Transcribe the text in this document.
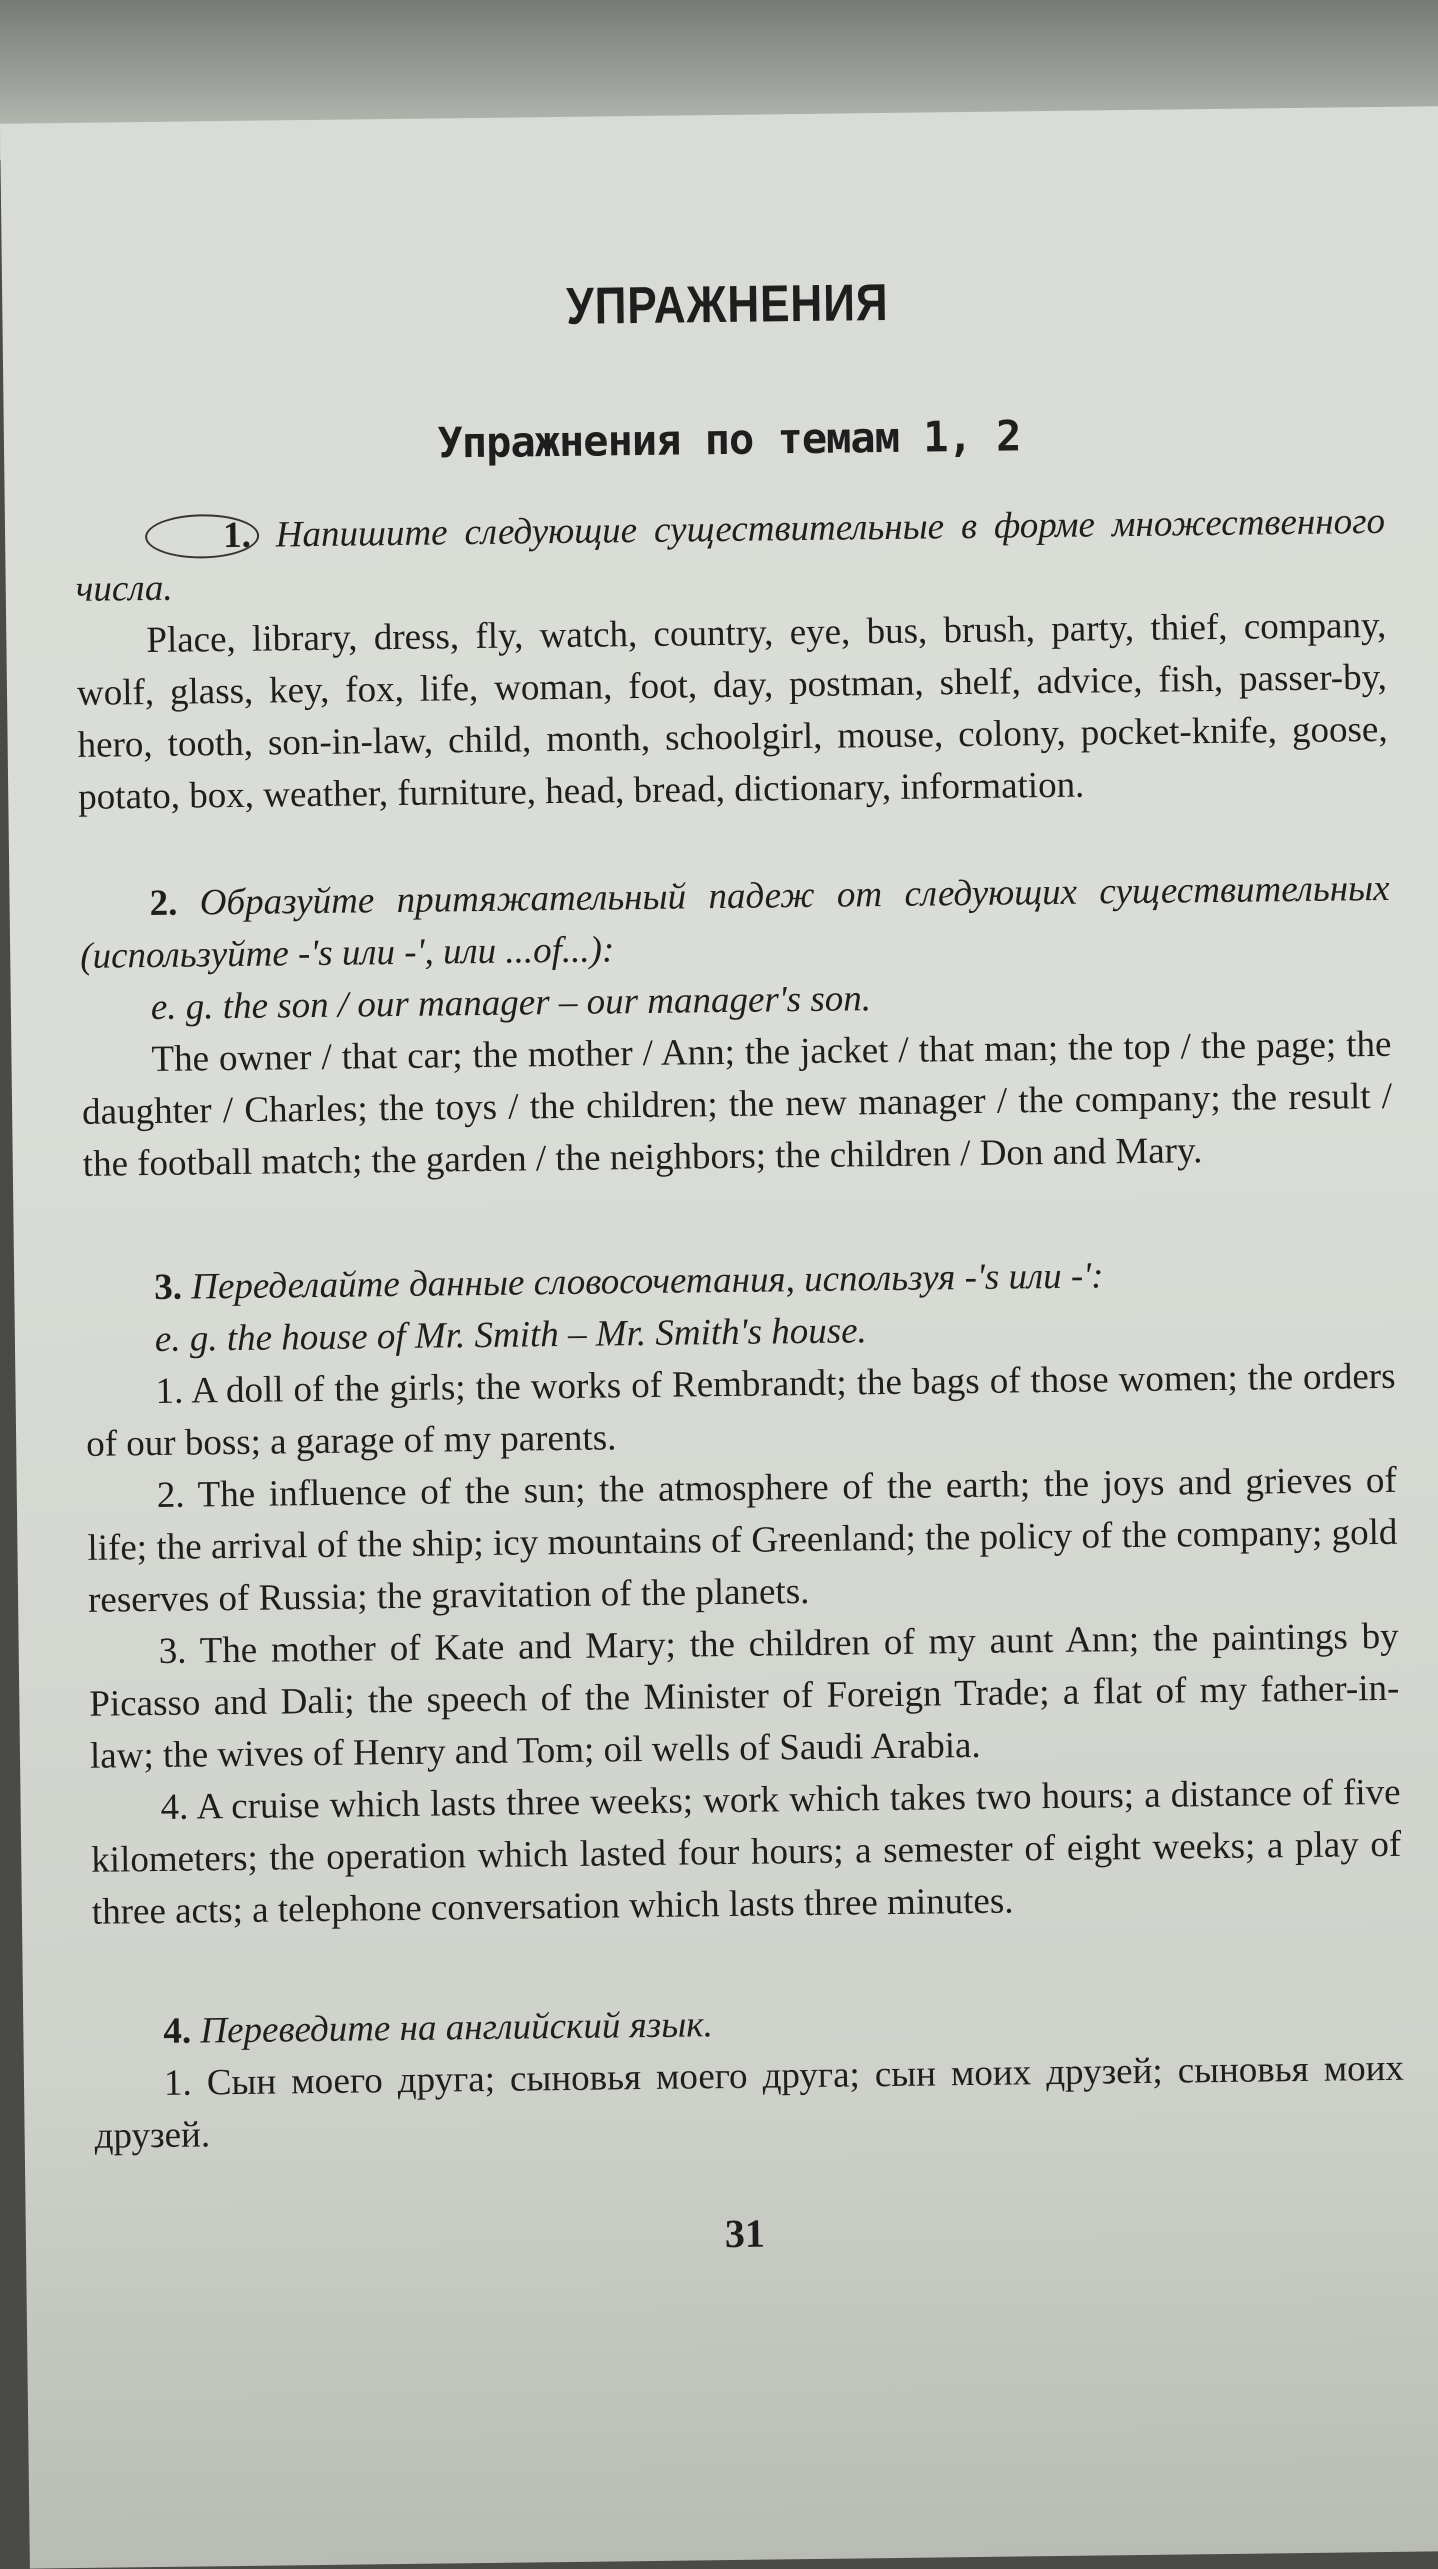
УПРАЖНЕНИЯ
Упражнения по темам 1, 2

1. Напишите следующие существительные в форме множественного числа.

Place, library, dress, fly, watch, country, eye, bus, brush, party, thief, company, wolf, glass, key, fox, life, woman, foot, day, postman, shelf, advice, fish, passer-by, hero, tooth, son-in-law, child, month, schoolgirl, mouse, colony, pocket-knife, goose, potato, box, weather, furniture, head, bread, dictionary, information.

2. Образуйте притяжательный падеж от следующих существительных (используйте -'s или -', или ...of...):

e. g. the son / our manager – our manager's son.

The owner / that car; the mother / Ann; the jacket / that man; the top / the page; the daughter / Charles; the toys / the children; the new manager / the company; the result / the football match; the garden / the neighbors; the children / Don and Mary.

3. Переделайте данные словосочетания, используя -'s или -':

e. g. the house of Mr. Smith – Mr. Smith's house.

1. A doll of the girls; the works of Rembrandt; the bags of those women; the orders of our boss; a garage of my parents.

2. The influence of the sun; the atmosphere of the earth; the joys and grieves of life; the arrival of the ship; icy mountains of Greenland; the policy of the company; gold reserves of Russia; the gravitation of the planets.

3. The mother of Kate and Mary; the children of my aunt Ann; the paintings by Picasso and Dali; the speech of the Minister of Foreign Trade; a flat of my father-in-law; the wives of Henry and Tom; oil wells of Saudi Arabia.

4. A cruise which lasts three weeks; work which takes two hours; a distance of five kilometers; the operation which lasted four hours; a semester of eight weeks; a play of three acts; a telephone conversation which lasts three minutes.

4. Переведите на английский язык.

1. Сын моего друга; сыновья моего друга; сын моих друзей; сыновья моих друзей.

31
